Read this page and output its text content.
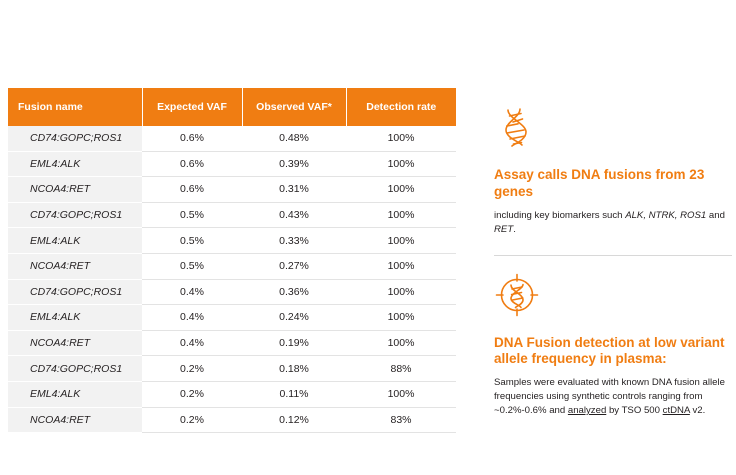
Fusion name	Expected VAF	Observed VAF*	Detection rate
CD74:GOPC;ROS1	0.6%	0.48%	100%
EML4:ALK	0.6%	0.39%	100%
NCOA4:RET	0.6%	0.31%	100%
CD74:GOPC;ROS1	0.5%	0.43%	100%
EML4:ALK	0.5%	0.33%	100%
NCOA4:RET	0.5%	0.27%	100%
CD74:GOPC;ROS1	0.4%	0.36%	100%
EML4:ALK	0.4%	0.24%	100%
NCOA4:RET	0.4%	0.19%	100%
CD74:GOPC;ROS1	0.2%	0.18%	88%
EML4:ALK	0.2%	0.11%	100%
NCOA4:RET	0.2%	0.12%	83%
Assay calls DNA fusions from 23 genes

including key biomarkers such ALK, NTRK, ROS1 and RET.

DNA Fusion detection at low variant allele frequency in plasma:

Samples were evaluated with known DNA fusion allele frequencies using synthetic controls ranging from ~0.2%-0.6% and analyzed by TSO 500 ctDNA v2.
